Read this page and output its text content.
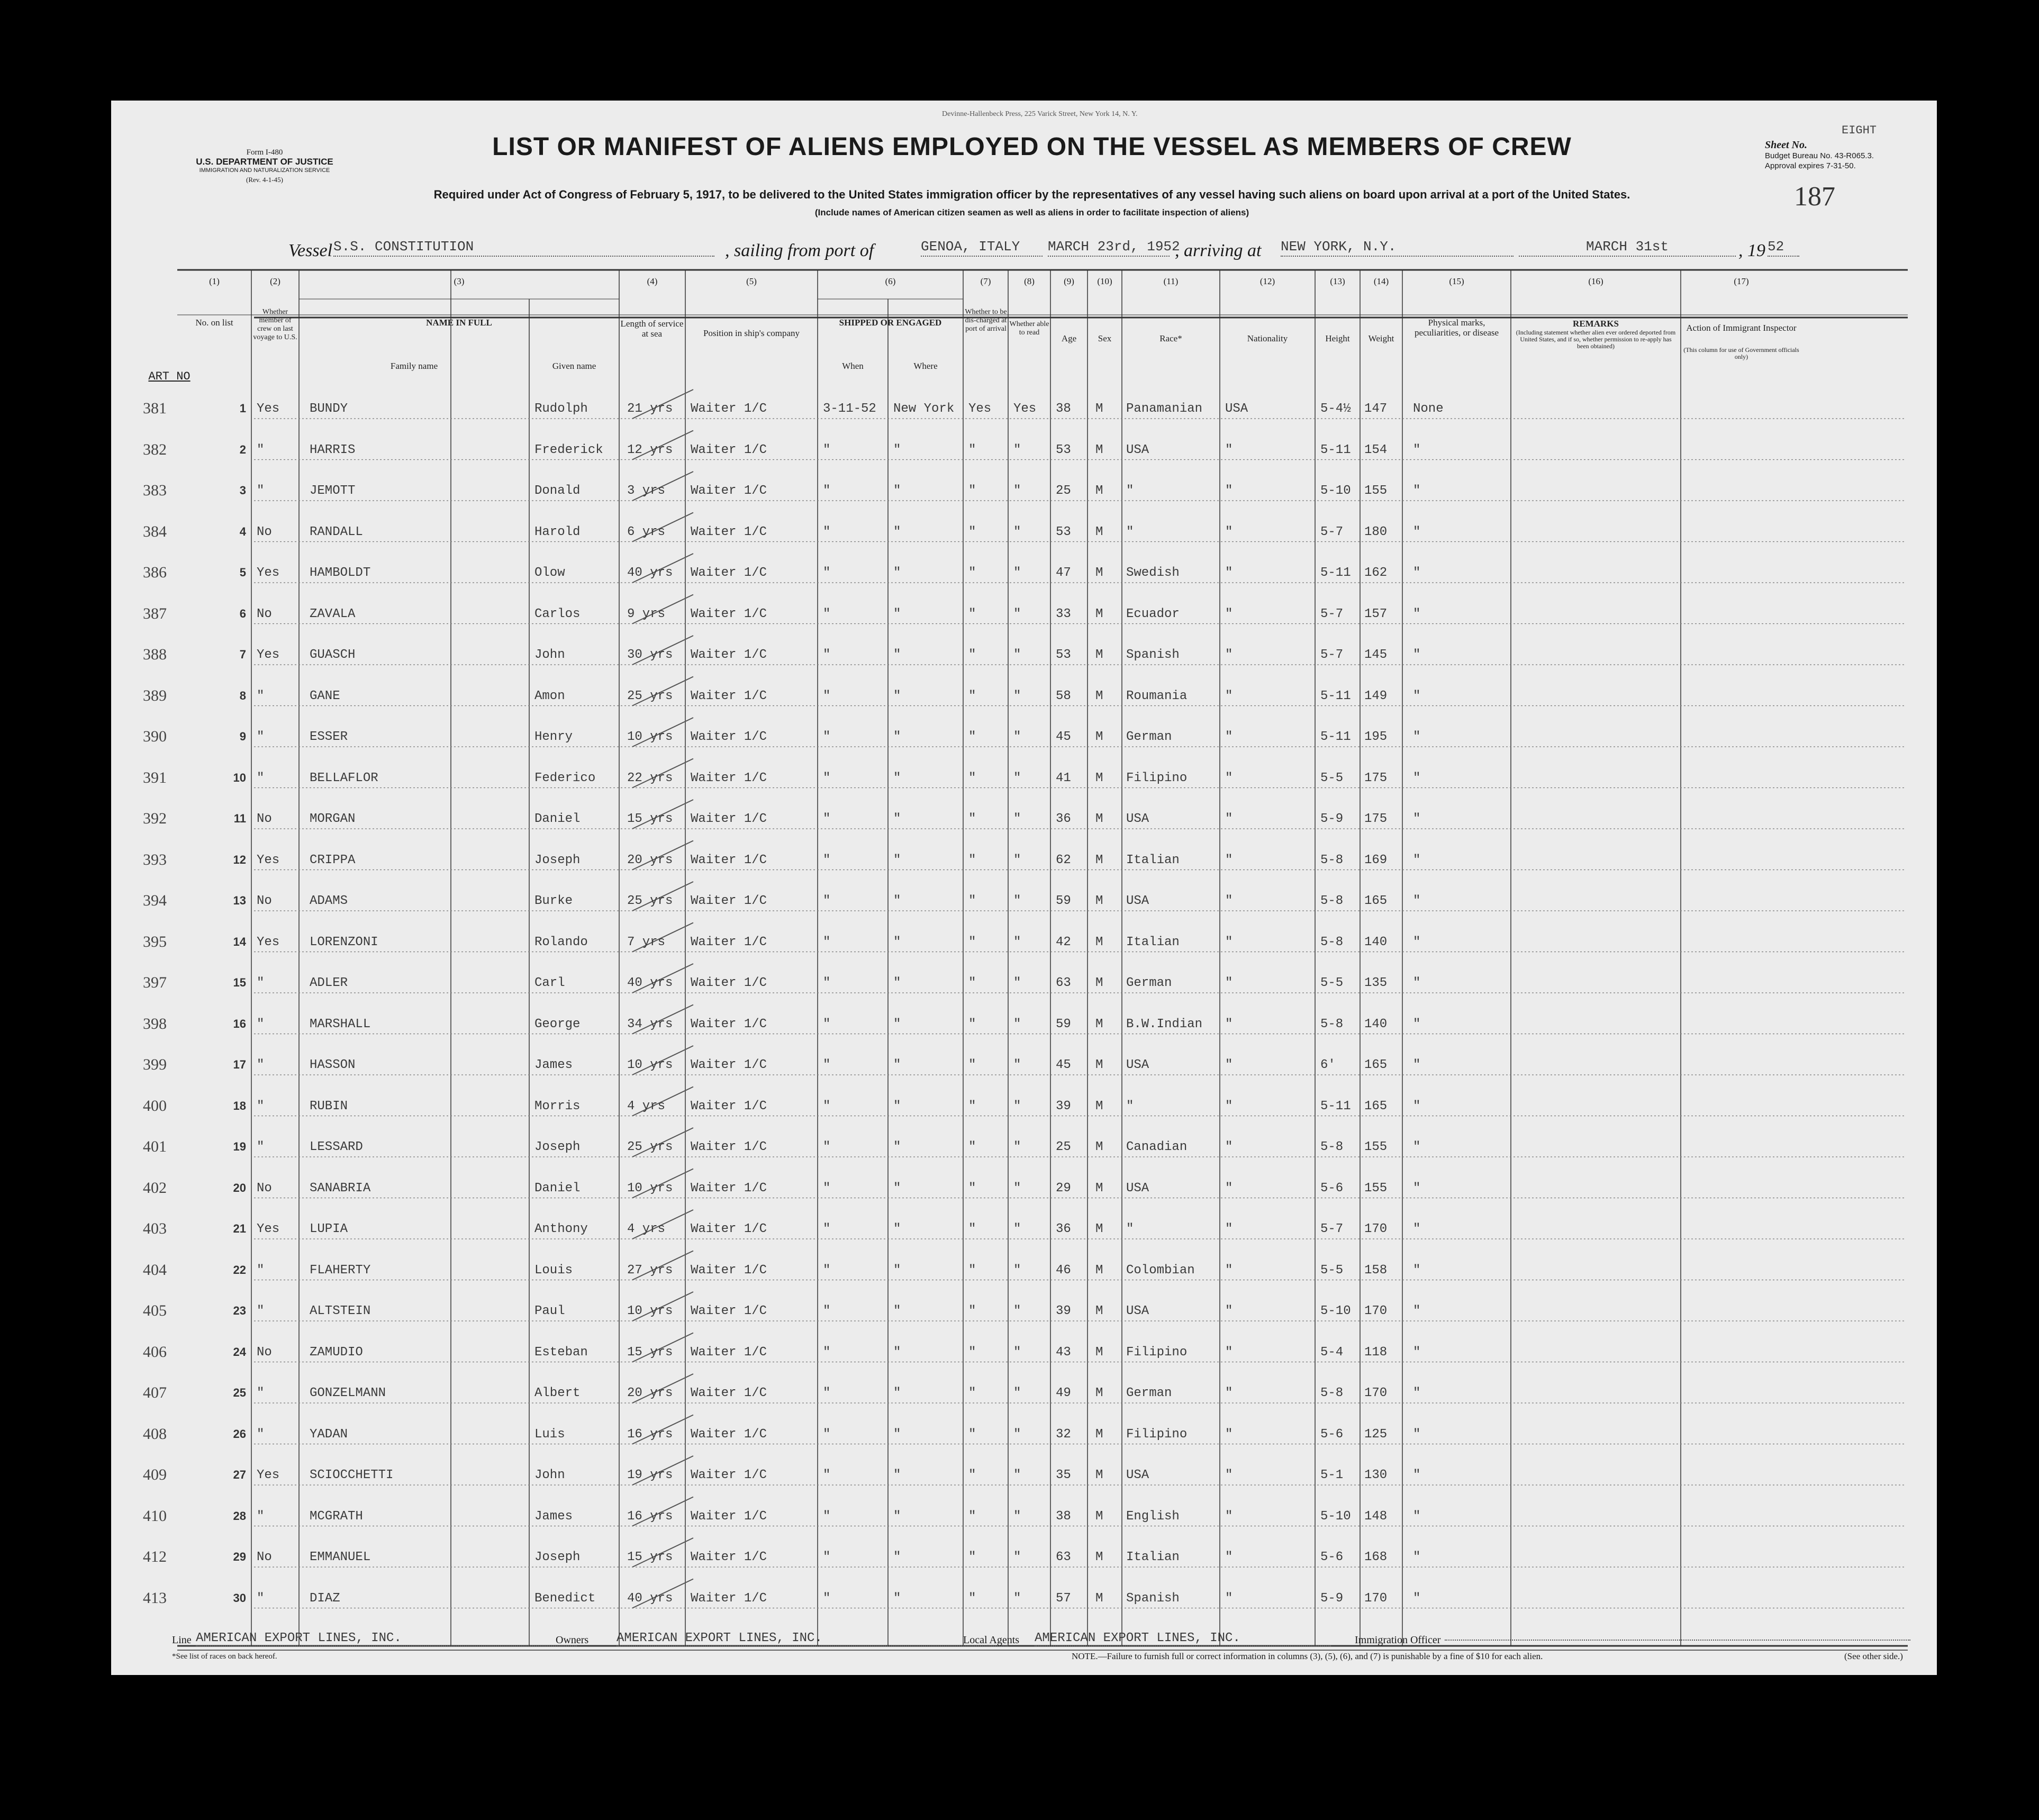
Devinne-Hallenbeck Press, 225 Varick Street, New York 14, N. Y.
Form I-480
U.S. DEPARTMENT OF JUSTICE
IMMIGRATION AND NATURALIZATION SERVICE
(Rev. 4-1-45)
LIST OR MANIFEST OF ALIENS EMPLOYED ON THE VESSEL AS MEMBERS OF CREW
Required under Act of Congress of February 5, 1917, to be delivered to the United States immigration officer by the representatives of any vessel having such aliens on board upon arrival at a port of the United States.
(Include names of American citizen seamen as well as aliens in order to facilitate inspection of aliens)
Sheet No.
EIGHT
Budget Bureau No. 43-R065.3.
Approval expires 7-31-50.
187
Vessel S.S. CONSTITUTION	, sailing from port of	GENOA, ITALY	MARCH 23rd, 1952
, arriving at NEW YORK, N.Y.	MARCH 31st	, 19 52
(1)	(2)	(3)	(4)	(5)	(6)	(7)	(8)	(9)	(10)	(11)	(12)	(13)	(14)	(15)	(16)	(17)
No. on list
Whether member of crew on last voyage to U.S.
NAME IN FULL
Family name	Given name
Length of service at sea	Position in ship's company
SHIPPED OR ENGAGED
When	Where
Whether to be dis-charged at port of arrival
Whether able to read
Age	Sex	Race*	Nationality	Height	Weight
Physical marks, peculiarities, or disease
REMARKS
(Including statement whether alien ever ordered deported from United States, and if so, whether permission to re-apply has been obtained)
Action of Immigrant Inspector
(This column for use of Government officials only)
ART NO
381	1 Yes	BUNDY	Rudolph	21 yrs	Waiter 1/C	3-11-52	New York	Yes	Yes	38	M	Panamanian	USA	5-4½	147	None
382	2 "	HARRIS	Frederick	12 yrs	Waiter 1/C	"	"	"	"	53	M	USA	"	5-11	154	"
383	3 "	JEMOTT	Donald	3 yrs	Waiter 1/C	"	"	"	"	25	M	"	"	5-10	155	"
384	4 No	RANDALL	Harold	6 yrs	Waiter 1/C	"	"	"	"	53	M	"	"	5-7	180	"
386	5 Yes	HAMBOLDT	Olow	40 yrs	Waiter 1/C	"	"	"	"	47	M	Swedish	"	5-11	162	"
387	6 No	ZAVALA	Carlos	9 yrs	Waiter 1/C	"	"	"	"	33	M	Ecuador	"	5-7	157	"
388	7 Yes	GUASCH	John	30 yrs	Waiter 1/C	"	"	"	"	53	M	Spanish	"	5-7	145	"
389	8 "	GANE	Amon	25 yrs	Waiter 1/C	"	"	"	"	58	M	Roumania	"	5-11	149	"
390	9 "	ESSER	Henry	10 yrs	Waiter 1/C	"	"	"	"	45	M	German	"	5-11	195	"
391	10 "	BELLAFLOR	Federico	22 yrs	Waiter 1/C	"	"	"	"	41	M	Filipino	"	5-5	175	"
392	11 No	MORGAN	Daniel	15 yrs	Waiter 1/C	"	"	"	"	36	M	USA	"	5-9	175	"
393	12 Yes	CRIPPA	Joseph	20 yrs	Waiter 1/C	"	"	"	"	62	M	Italian	"	5-8	169	"
394	13 No	ADAMS	Burke	25 yrs	Waiter 1/C	"	"	"	"	59	M	USA	"	5-8	165	"
395	14 Yes	LORENZONI	Rolando	7 yrs	Waiter 1/C	"	"	"	"	42	M	Italian	"	5-8	140	"
397	15 "	ADLER	Carl	40 yrs	Waiter 1/C	"	"	"	"	63	M	German	"	5-5	135	"
398	16 "	MARSHALL	George	34 yrs	Waiter 1/C	"	"	"	"	59	M	B.W.Indian	"	5-8	140	"
399	17 "	HASSON	James	10 yrs	Waiter 1/C	"	"	"	"	45	M	USA	"	6'	165	"
400	18 "	RUBIN	Morris	4 yrs	Waiter 1/C	"	"	"	"	39	M	"	"	5-11	165	"
401	19 "	LESSARD	Joseph	25 yrs	Waiter 1/C	"	"	"	"	25	M	Canadian	"	5-8	155	"
402	20 No	SANABRIA	Daniel	10 yrs	Waiter 1/C	"	"	"	"	29	M	USA	"	5-6	155	"
403	21 Yes	LUPIA	Anthony	4 yrs	Waiter 1/C	"	"	"	"	36	M	"	"	5-7	170	"
404	22 "	FLAHERTY	Louis	27 yrs	Waiter 1/C	"	"	"	"	46	M	Colombian	"	5-5	158	"
405	23 "	ALTSTEIN	Paul	10 yrs	Waiter 1/C	"	"	"	"	39	M	USA	"	5-10	170	"
406	24 No	ZAMUDIO	Esteban	15 yrs	Waiter 1/C	"	"	"	"	43	M	Filipino	"	5-4	118	"
407	25 "	GONZELMANN	Albert	20 yrs	Waiter 1/C	"	"	"	"	49	M	German	"	5-8	170	"
408	26 "	YADAN	Luis	16 yrs	Waiter 1/C	"	"	"	"	32	M	Filipino	"	5-6	125	"
409	27 Yes	SCIOCCHETTI	John	19 yrs	Waiter 1/C	"	"	"	"	35	M	USA	"	5-1	130	"
410	28 "	MCGRATH	James	16 yrs	Waiter 1/C	"	"	"	"	38	M	English	"	5-10	148	"
412	29 No	EMMANUEL	Joseph	15 yrs	Waiter 1/C	"	"	"	"	63	M	Italian	"	5-6	168	"
413	30 "	DIAZ	Benedict	40 yrs	Waiter 1/C	"	"	"	"	57	M	Spanish	"	5-9	170	"
Line AMERICAN EXPORT LINES, INC.	Owners AMERICAN EXPORT LINES, INC.	Local Agents AMERICAN EXPORT LINES, INC.	Immigration Officer
*See list of races on back hereof.	NOTE.—Failure to furnish full or correct information in columns (3), (5), (6), and (7) is punishable by a fine of $10 for each alien.	(See other side.)
